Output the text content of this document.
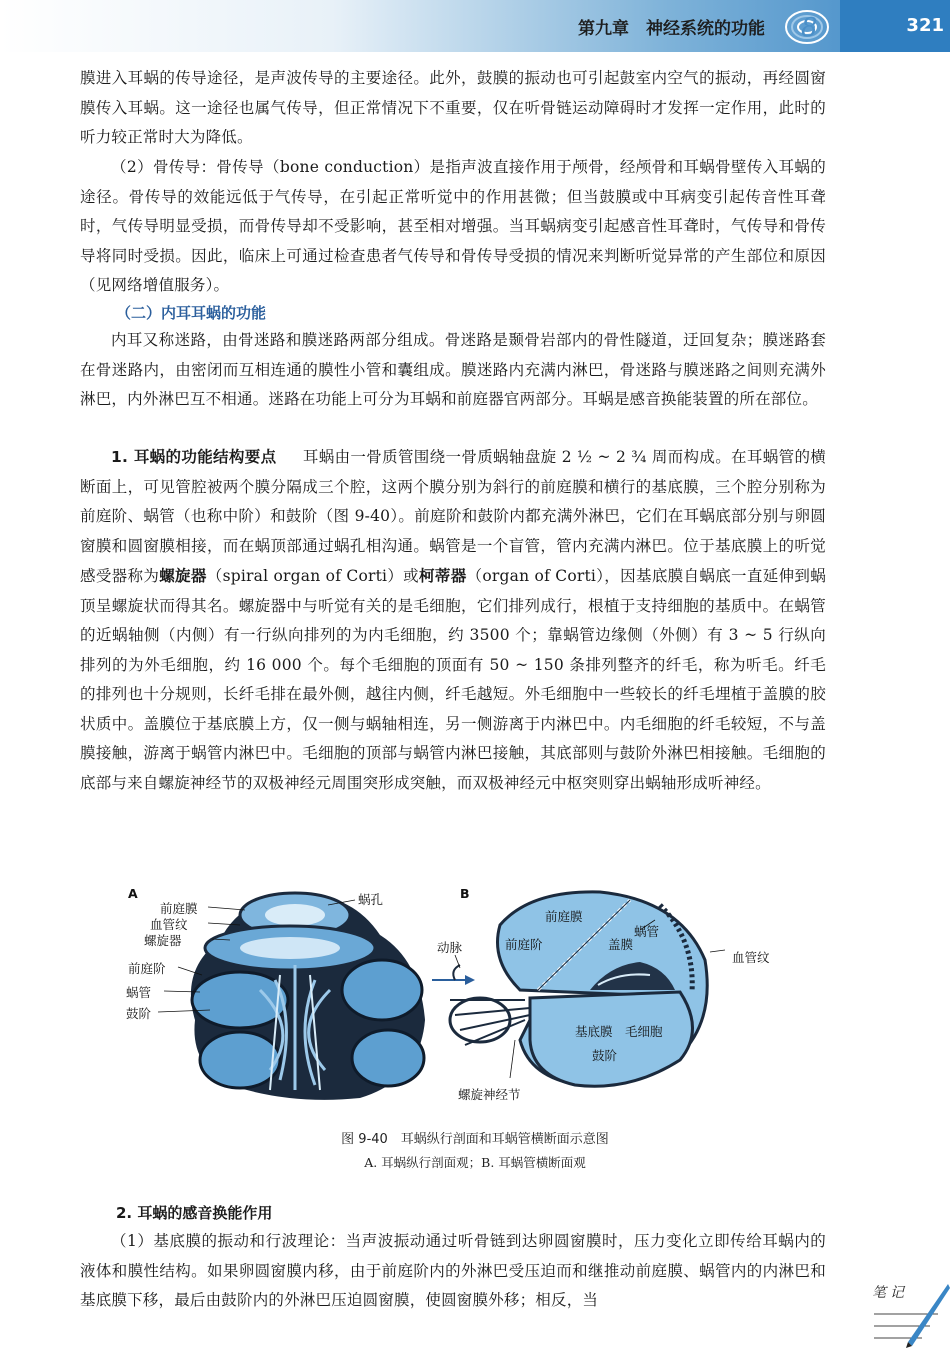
第九章　神经系统的功能 8	321

膜进入耳蜗的传导途径，是声波传导的主要途径。此外，鼓膜的振动也可引起鼓室内空气的振动，再经圆窗膜传入耳蜗。这一途径也属气传导，但正常情况下不重要，仅在听骨链运动障碍时才发挥一定作用，此时的听力较正常时大为降低。

（2）骨传导：骨传导（bone conduction）是指声波直接作用于颅骨，经颅骨和耳蜗骨壁传入耳蜗的途径。骨传导的效能远低于气传导，在引起正常听觉中的作用甚微；但当鼓膜或中耳病变引起传音性耳聋时，气传导明显受损，而骨传导却不受影响，甚至相对增强。当耳蜗病变引起感音性耳聋时，气传导和骨传导将同时受损。因此，临床上可通过检查患者气传导和骨传导受损的情况来判断听觉异常的产生部位和原因（见网络增值服务）。

（二）内耳耳蜗的功能

内耳又称迷路，由骨迷路和膜迷路两部分组成。骨迷路是颞骨岩部内的骨性隧道，迂回复杂；膜迷路套在骨迷路内，由密闭而互相连通的膜性小管和囊组成。膜迷路内充满内淋巴，骨迷路与膜迷路之间则充满外淋巴，内外淋巴互不相通。迷路在功能上可分为耳蜗和前庭器官两部分。耳蜗是感音换能装置的所在部位。

1. 耳蜗的功能结构要点 　 耳蜗由一骨质管围绕一骨质蜗轴盘旋 2 ½ ~ 2 ¾ 周而构成。在耳蜗管的横断面上，可见管腔被两个膜分隔成三个腔，这两个膜分别为斜行的前庭膜和横行的基底膜，三个腔分别称为前庭阶、蜗管（也称中阶）和鼓阶（图 9-40）。前庭阶和鼓阶内都充满外淋巴，它们在耳蜗底部分别与卵圆窗膜和圆窗膜相接，而在蜗顶部通过蜗孔相沟通。蜗管是一个盲管，管内充满内淋巴。位于基底膜上的听觉感受器称为螺旋器（spiral organ of Corti）或柯蒂器（organ of Corti），因基底膜自蜗底一直延伸到蜗顶呈螺旋状而得其名。螺旋器中与听觉有关的是毛细胞，它们排列成行，根植于支持细胞的基质中。在蜗管的近蜗轴侧（内侧）有一行纵向排列的为内毛细胞，约 3500 个；靠蜗管边缘侧（外侧）有 3 ~ 5 行纵向排列的为外毛细胞，约 16 000 个。每个毛细胞的顶面有 50 ~ 150 条排列整齐的纤毛，称为听毛。纤毛的排列也十分规则，长纤毛排在最外侧，越往内侧，纤毛越短。外毛细胞中一些较长的纤毛埋植于盖膜的胶状质中。盖膜位于基底膜上方，仅一侧与蜗轴相连，另一侧游离于内淋巴中。内毛细胞的纤毛较短，不与盖膜接触，游离于蜗管内淋巴中。毛细胞的顶部与蜗管内淋巴接触，其底部则与鼓阶外淋巴相接触。毛细胞的底部与来自螺旋神经节的双极神经元周围突形成突触，而双极神经元中枢突则穿出蜗轴形成听神经。

A	B
前庭膜
血管纹
螺旋器
前庭阶
蜗管
鼓阶
蜗孔
前庭膜
蜗管
动脉	前庭阶	盖膜
血管纹
基底膜 毛细胞
鼓阶
螺旋神经节
图 9-40　耳蜗纵行剖面和耳蜗管横断面示意图
A. 耳蜗纵行剖面观；B. 耳蜗管横断面观
2. 耳蜗的感音换能作用

（1）基底膜的振动和行波理论：当声波振动通过听骨链到达卵圆窗膜时，压力变化立即传给耳蜗内的液体和膜性结构。如果卵圆窗膜内移，由于前庭阶内的外淋巴受压迫而和继推动前庭膜、蜗管内的内淋巴和基底膜下移，最后由鼓阶内的外淋巴压迫圆窗膜，使圆窗膜外移；相反，当	笔记
